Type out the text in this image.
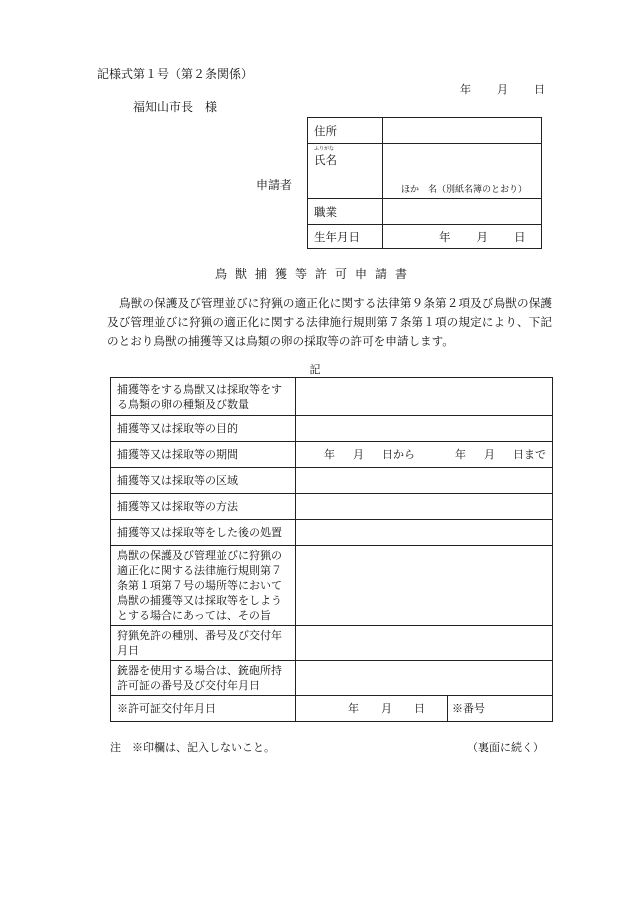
記様式第１号（第２条関係）
年 月 日
福知山市長　様
申請者
住所	

ふりがな
氏名	ほか　名（別紙名簿のとおり）

職業	
生年月日	年 月 日
鳥獣捕獲等許可申請書
鳥獣の保護及び管理並びに狩猟の適正化に関する法律第９条第２項及び鳥獣の保護及び管理並びに狩猟の適正化に関する法律施行規則第７条第１項の規定により、下記のとおり鳥獣の捕獲等又は鳥類の卵の採取等の許可を申請します。
記
捕獲等をする鳥獣又は採取等をする鳥類の卵の種類及び数量	
捕獲等又は採取等の目的	
捕獲等又は採取等の期間	年 月 日から 年 月 日まで
捕獲等又は採取等の区域	
捕獲等又は採取等の方法	
捕獲等又は採取等をした後の処置	
鳥獣の保護及び管理並びに狩猟の適正化に関する法律施行規則第７条第１項第７号の場所等において鳥獣の捕獲等又は採取等をしようとする場合にあっては、その旨	
狩猟免許の種別、番号及び交付年月日	
銃器を使用する場合は、銃砲所持許可証の番号及び交付年月日	
※許可証交付年月日	年 月 日 ※番号
注　※印欄は、記入しないこと。	（裏面に続く）
